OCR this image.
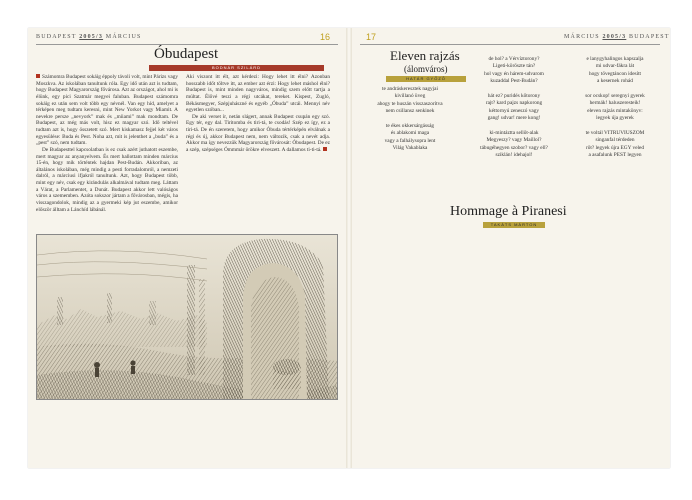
BUDAPEST 2005/3 MÁRCIUS	16
Óbudapest
BODNÁR SZILÁRD

Számomra Budapest sokáig éppoly távoli volt, mint Párizs vagy Moszkva. Az iskolában tanultunk róla. Egy idő után azt is tudtam, hogy Budapest Magyarország fővárosa. Azt az országot, ahol mi is élünk, egy pici Szatmár megyei faluban. Budapest számomra sokáig ez után sem volt több egy névnél. Van egy híd, amelyet a térképen meg tudtam keresni, mint New Yorkot vagy Miamit. A nevekre persze „nevyork” mak és „miiami” mak mondtam. De Budapest, az még más volt, hisz ez magyar szó. Idő teltével tudtam azt is, hogy összetett szó. Mert kiskamasz fejjel két város egyesülése: Buda és Pest. Noha azt, mit is jelenthet a „buda” és a „pest” szó, nem tudtam.

De Budapesttel kapcsolatban is ez csak azért juthatott eszembe, mert magyar az anyanyelvem. És mert hallottam minden március 15-én, hogy mik történtek hajdan Pest-Budán. Akkoriban, az általános iskolában, még mindig a pesti forradalomról, a nemzeti dalról, a márciusi ifjakról tanultunk. Azt, hogy Budapest több, mint egy név, csak egy kirándulás alkalmával tudtam meg. Láttam a Várat, a Parlamentet, a Dunát. Budapest akkor lett valóságos város a szememben. Azóta sokszor jártam a fővárosban, mégis, ha visszagondolok, mindig az a gyermeki kép jut eszembe, amikor először álltam a Lánchíd lábánál.

Aki viszont itt élt, azt kérdezi: Hogy lehet itt élni? Azonban hosszabb időt töltve itt, az ember azt érzi: Hogy lehet máshol élni? Budapest is, mint minden nagyváros, mindig szem előtt tartja a múltat. Élővé teszi a régi utcákat, tereket. Kispest, Zugló, Békásmegyer, Szépjuhászné és egyéb „Óbuda” utcái. Mennyi név egyetlen szóban...

De aki verset ír, netán slágert, annak Budapest csupán egy szó. Egy tér, egy dal. Tiritomba és tiri-tá, te csodás! Szép ez így, ez a tiri-tá. De én szeretem, hogy amikor Óbuda tértérképén elválnak a régi és új, akkor Budapest nem, nem változik, csak a nevét adja. Akkor ma így nevezzük Magyarország fővárosát: Óbudapest. De ez a szép, szépséges Ómmmár örökre elveszett. A dallamos ti-ti-tá.

17	MÁRCIUS 2005/3 BUDAPEST
Eleven rajzás
(álomváros)
HATÁR GYŐZŐ
te andráskeresztek nagyjai
kivillanó üveg
ahogy te huszán visszaszorítva
nem csillansz senkinek

te ékes okkersárgásság
és ablakomi maga
vagy a falhálysopra lent
Világ Vakablaka
de hol? a Vérvíztorony?
Ligeti-köröszte tán?
hol vagy én hárem-udvarom
kuzaddal Pest-Budán?

hát ez? puridés kőtorony
rajt? kard pajzs napkorong
kéttornyú zeneszó vagy
gang! udvar! mere kong!

ki-mintáztta sellőt-alak
Megyeszy? vagy Maillol?
tábugéhegyen szobor? vagy ell?
sziklán! idehajol!
e lanygyhalingos kapszalja
mi udvar-fákra lát
hogy tövegtáncon idesítt
a kesernek rohád

sor ocskop! seregnyi gyerek
hermák! haluszeresteik!
eleven rajzás mintakönyv:
legyek úja gyerek

te voltál VITRUVIUSZOM
singanfal térdeden
rőt? legyek újra EGY veled
a asafalunk PEST legyen
Hommage à Piranesi
TAKÁTS MÁRTON
